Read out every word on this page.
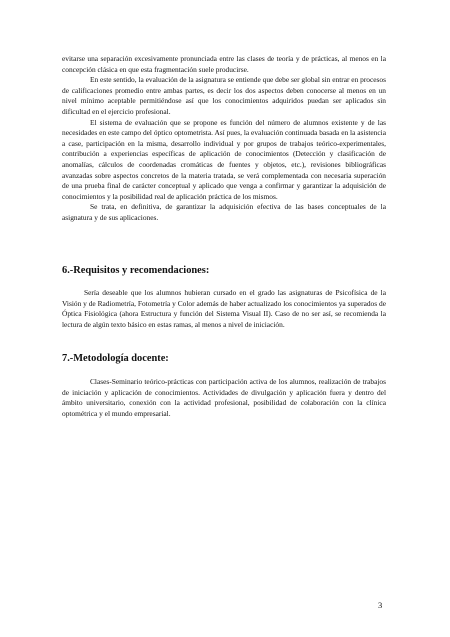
evitarse una separación excesivamente pronunciada entre las clases de teoría y de prácticas, al menos en la concepción clásica en que esta fragmentación suele producirse.

En este sentido, la evaluación de la asignatura se entiende que debe ser global sin entrar en procesos de calificaciones promedio entre ambas partes, es decir los dos aspectos deben conocerse al menos en un nivel mínimo aceptable permitiéndose así que los conocimientos adquiridos puedan ser aplicados sin dificultad en el ejercicio profesional.

El sistema de evaluación que se propone es función del número de alumnos existente y de las necesidades en este campo del óptico optometrista. Así pues, la evaluación continuada basada en la asistencia a case, participación en la misma, desarrollo individual y por grupos de trabajos teórico-experimentales, contribución a experiencias específicas de aplicación de conocimientos (Detección y clasificación de anomalías, cálculos de coordenadas cromáticas de fuentes y objetos, etc.), revisiones bibliográficas avanzadas sobre aspectos concretos de la materia tratada, se verá complementada con necesaria superación de una prueba final de carácter conceptual y aplicado que venga a confirmar y garantizar la adquisición de conocimientos y la posibilidad real de aplicación práctica de los mismos.

Se trata, en definitiva, de garantizar la adquisición efectiva de las bases conceptuales de la asignatura y de sus aplicaciones.

6.-Requisitos y recomendaciones:

Sería deseable que los alumnos hubieran cursado en el grado las asignaturas de Psicofísica de la Visión y de Radiometría, Fotometría y Color además de haber actualizado los conocimientos ya superados de Óptica Fisiológica (ahora Estructura y función del Sistema Visual II). Caso de no ser así, se recomienda la lectura de algún texto básico en estas ramas, al menos a nivel de iniciación.

7.-Metodología docente:

Clases-Seminario teórico-prácticas con participación activa de los alumnos, realización de trabajos de iniciación y aplicación de conocimientos. Actividades de divulgación y aplicación fuera y dentro del ámbito universitario, conexión con la actividad profesional, posibilidad de colaboración con la clínica optométrica y el mundo empresarial.

3
